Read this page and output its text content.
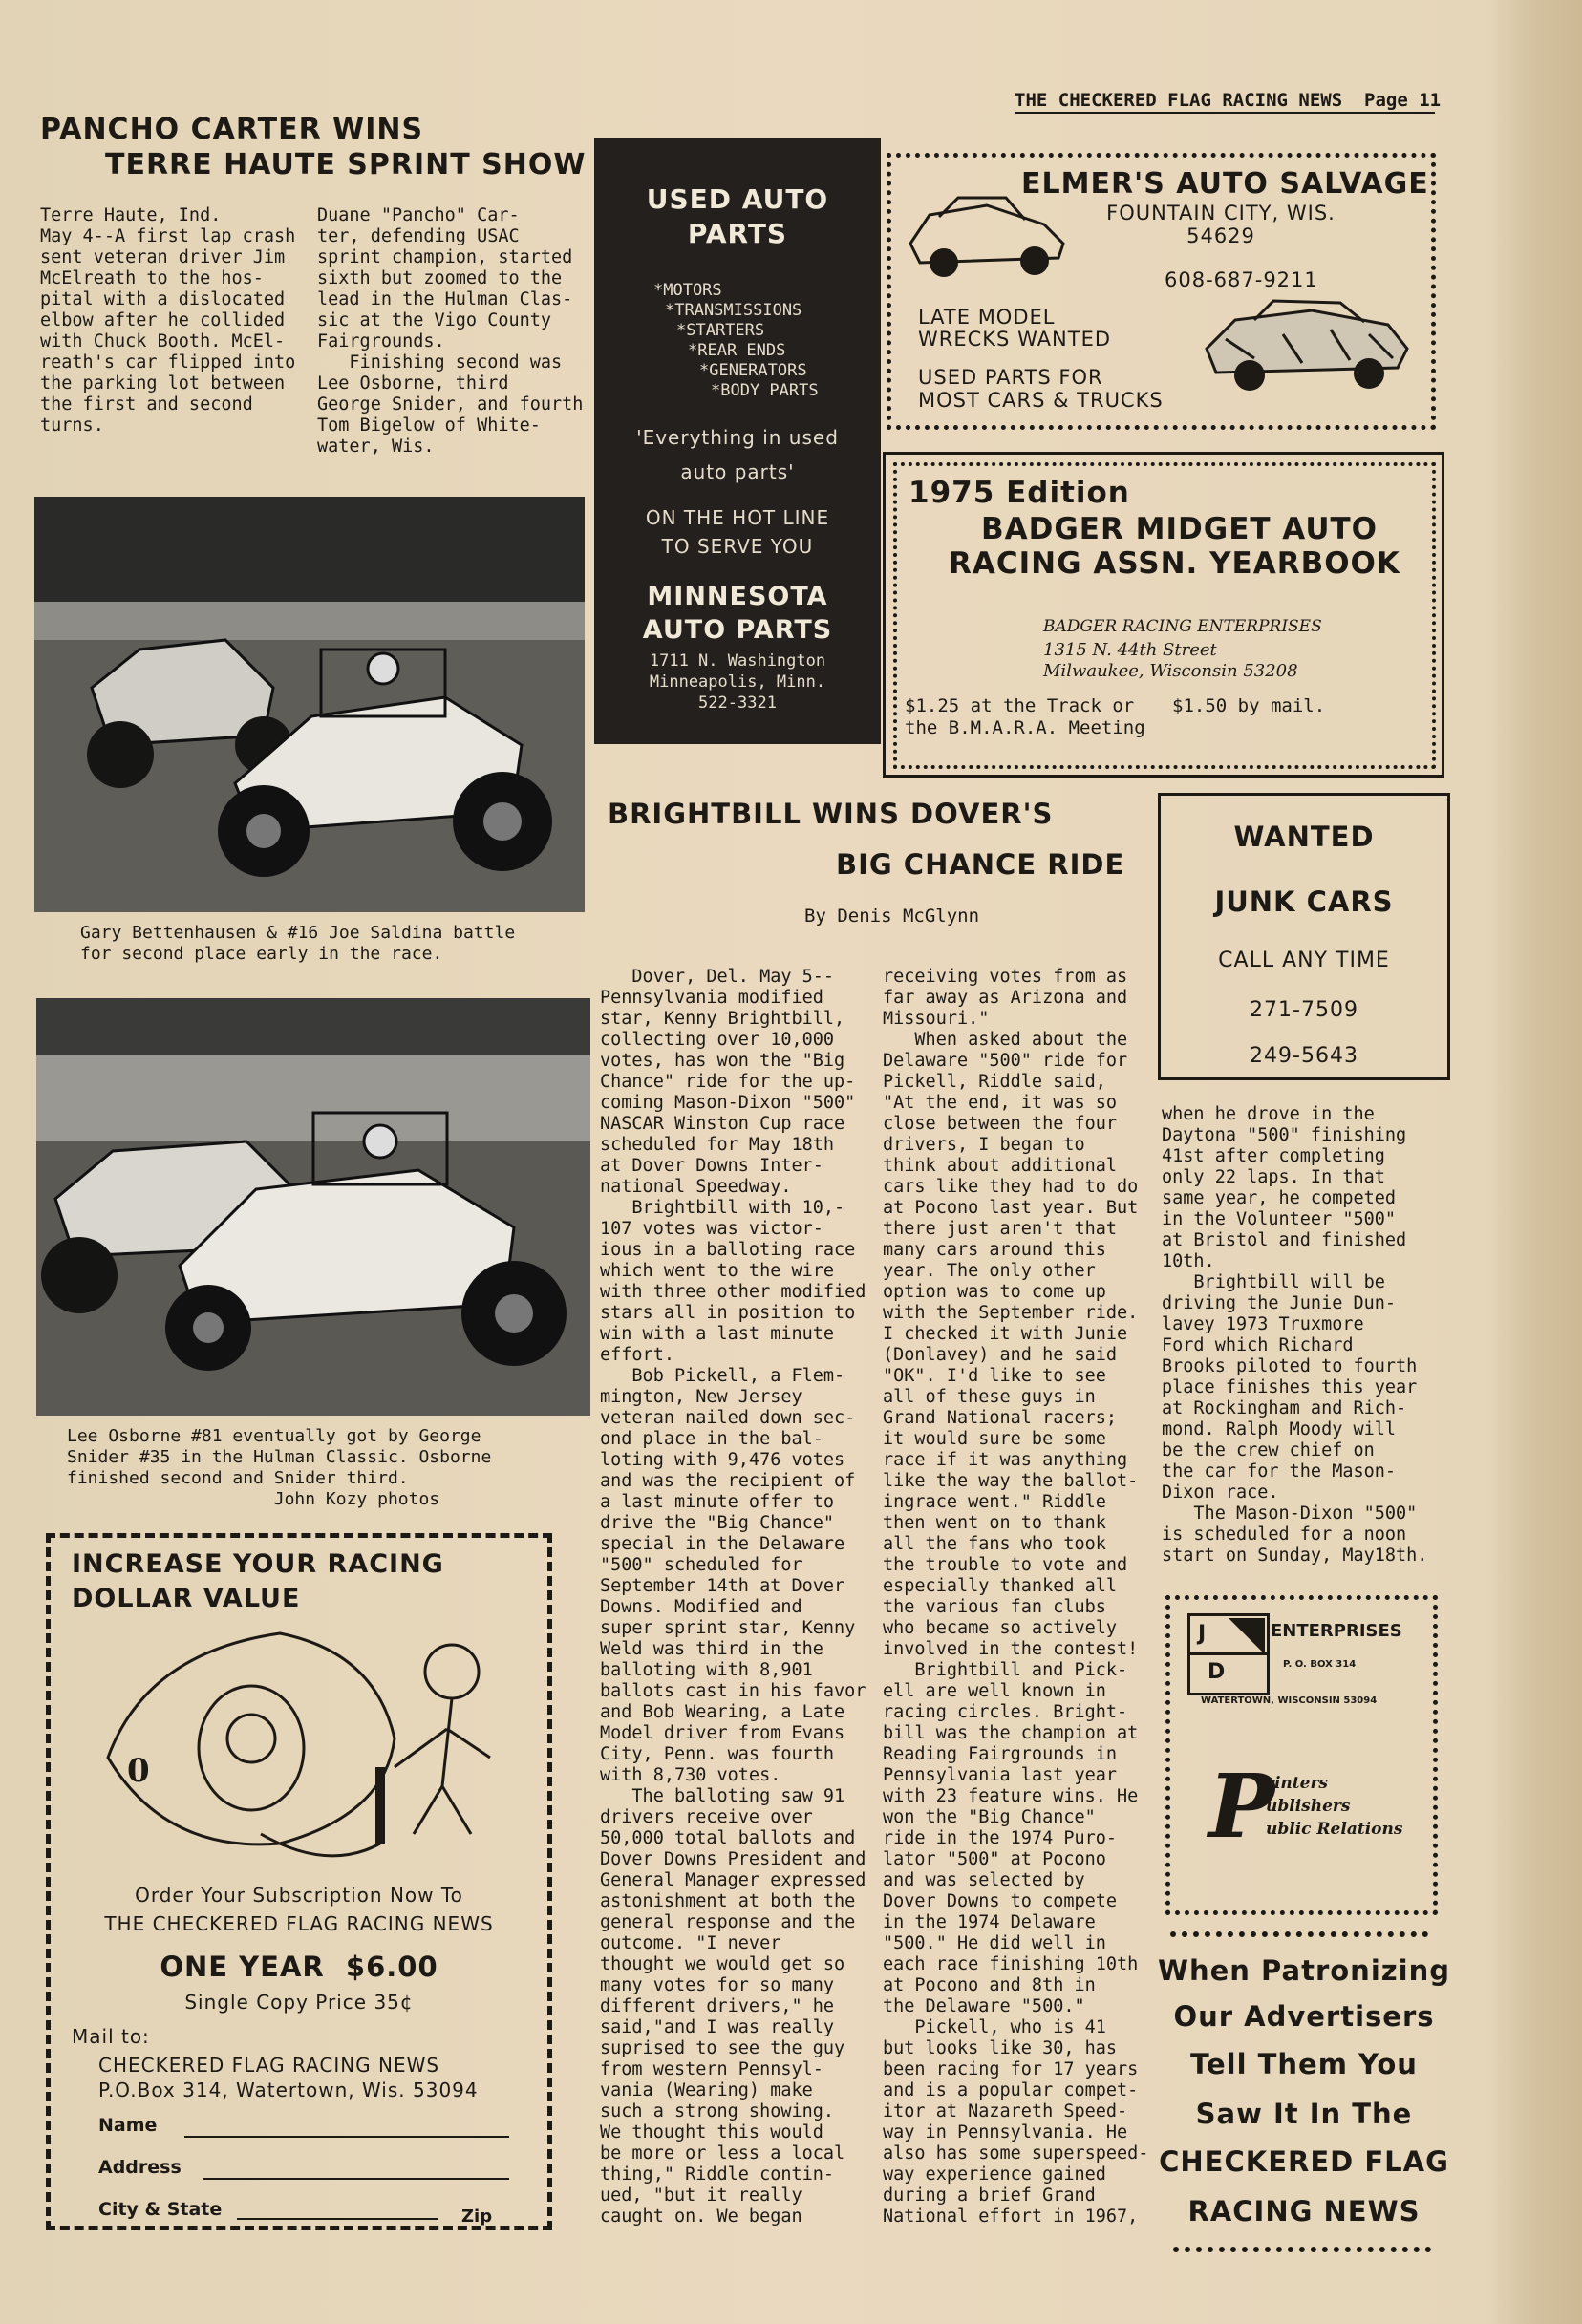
THE CHECKERED FLAG RACING NEWS  Page 11
PANCHO CARTER WINS
TERRE HAUTE SPRINT SHOW
Terre Haute, Ind.
May 4--A first lap crash
sent veteran driver Jim
McElreath to the hos-
pital with a dislocated
elbow after he collided
with Chuck Booth. McEl-
reath's car flipped into
the parking lot between
the first and second
turns.
Duane "Pancho" Car-
ter, defending USAC
sprint champion, started
sixth but zoomed to the
lead in the Hulman Clas-
sic at the Vigo County
Fairgrounds.
Finishing second was
Lee Osborne, third
George Snider, and fourth
Tom Bigelow of White-
water, Wis.
Gary Bettenhausen & #16 Joe Saldina battle
for second place early in the race.
Lee Osborne #81 eventually got by George
Snider #35 in the Hulman Classic. Osborne
finished second and Snider third.
John Kozy photos
USED AUTO
PARTS
*MOTORS
*TRANSMISSIONS
*STARTERS
*REAR ENDS
*GENERATORS
*BODY PARTS
'Everything in used
auto parts'
ON THE HOT LINE
TO SERVE YOU
MINNESOTA
AUTO PARTS
1711 N. Washington
Minneapolis, Minn.
522-3321
ELMER'S AUTO SALVAGE
FOUNTAIN CITY, WIS.
54629
608-687-9211
LATE MODEL
WRECKS WANTED
USED PARTS FOR
MOST CARS & TRUCKS
1975 Edition
BADGER MIDGET AUTO
RACING ASSN. YEARBOOK
BADGER RACING ENTERPRISES
1315 N. 44th Street
Milwaukee, Wisconsin 53208
$1.25 at the Track or
the B.M.A.R.A. Meeting
$1.50 by mail.
BRIGHTBILL WINS DOVER'S
BIG CHANCE RIDE
By Denis McGlynn
WANTED
JUNK CARS
CALL ANY TIME
271-7509
249-5643
Dover, Del. May 5--
Pennsylvania modified
star, Kenny Brightbill,
collecting over 10,000
votes, has won the "Big
Chance" ride for the up-
coming Mason-Dixon "500"
NASCAR Winston Cup race
scheduled for May 18th
at Dover Downs Inter-
national Speedway.
Brightbill with 10,-
107 votes was victor-
ious in a balloting race
which went to the wire
with three other modified
stars all in position to
win with a last minute
effort.
Bob Pickell, a Flem-
mington, New Jersey
veteran nailed down sec-
ond place in the bal-
loting with 9,476 votes
and was the recipient of
a last minute offer to
drive the "Big Chance"
special in the Delaware
"500" scheduled for
September 14th at Dover
Downs. Modified and
super sprint star, Kenny
Weld was third in the
balloting with 8,901
ballots cast in his favor
and Bob Wearing, a Late
Model driver from Evans
City, Penn. was fourth
with 8,730 votes.
The balloting saw 91
drivers receive over
50,000 total ballots and
Dover Downs President and
General Manager expressed
astonishment at both the
general response and the
outcome. "I never
thought we would get so
many votes for so many
different drivers," he
said,"and I was really
suprised to see the guy
from western Pennsyl-
vania (Wearing) make
such a strong showing.
We thought this would
be more or less a local
thing," Riddle contin-
ued, "but it really
caught on. We began
receiving votes from as
far away as Arizona and
Missouri."
When asked about the
Delaware "500" ride for
Pickell, Riddle said,
"At the end, it was so
close between the four
drivers, I began to
think about additional
cars like they had to do
at Pocono last year. But
there just aren't that
many cars around this
year. The only other
option was to come up
with the September ride.
I checked it with Junie
(Donlavey) and he said
"OK". I'd like to see
all of these guys in
Grand National racers;
it would sure be some
race if it was anything
like the way the ballot-
ingrace went." Riddle
then went on to thank
all the fans who took
the trouble to vote and
especially thanked all
the various fan clubs
who became so actively
involved in the contest!
Brightbill and Pick-
ell are well known in
racing circles. Bright-
bill was the champion at
Reading Fairgrounds in
Pennsylvania last year
with 23 feature wins. He
won the "Big Chance"
ride in the 1974 Puro-
lator "500" at Pocono
and was selected by
Dover Downs to compete
in the 1974 Delaware
"500." He did well in
each race finishing 10th
at Pocono and 8th in
the Delaware "500."
Pickell, who is 41
but looks like 30, has
been racing for 17 years
and is a popular compet-
itor at Nazareth Speed-
way in Pennsylvania. He
also has some superspeed-
way experience gained
during a brief Grand
National effort in 1967,
when he drove in the
Daytona "500" finishing
41st after completing
only 22 laps. In that
same year, he competed
in the Volunteer "500"
at Bristol and finished
10th.
Brightbill will be
driving the Junie Dun-
lavey 1973 Truxmore
Ford which Richard
Brooks piloted to fourth
place finishes this year
at Rockingham and Rich-
mond. Ralph Moody will
be the crew chief on
the car for the Mason-
Dixon race.
The Mason-Dixon "500"
is scheduled for a noon
start on Sunday, May18th.
INCREASE YOUR RACING
DOLLAR VALUE
0
Order Your Subscription Now To
THE CHECKERED FLAG RACING NEWS
ONE YEAR  $6.00
Single Copy Price 35¢
Mail to:
CHECKERED FLAG RACING NEWS
P.O.Box 314, Watertown, Wis. 53094
Name
Address
City & State	Zip
J
D
ENTERPRISES
P. O. BOX 314
WATERTOWN, WISCONSIN 53094
P
rinters
ublishers
ublic Relations
When Patronizing
Our Advertisers
Tell Them You
Saw It In The
CHECKERED FLAG
RACING NEWS
